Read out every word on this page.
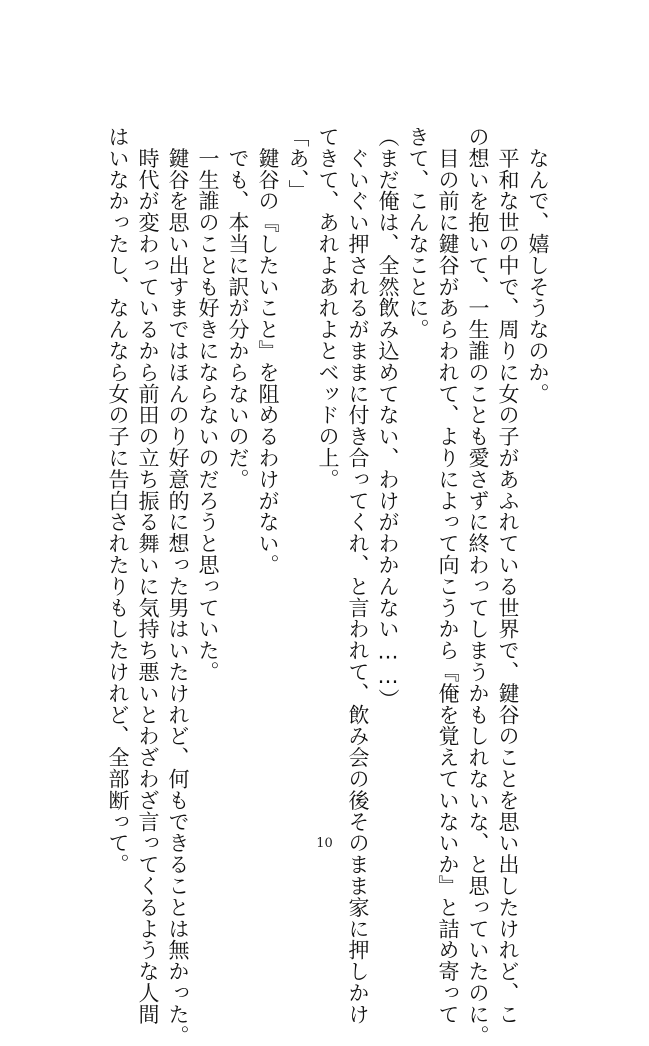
　なんで、嬉しそうなのか。
　平和な世の中で、周りに女の子があふれている世界で、鍵谷のことを思い出したけれど、こ
の想いを抱いて、一生誰のことも愛さずに終わってしまうかもしれないな、と思っていたのに。
　目の前に鍵谷があらわれて、よりによって向こうから『俺を覚えていないか』と詰め寄って
きて、こんなことに。
（まだ俺は、全然飲み込めてない、わけがわかんない……）
　ぐいぐい押されるがままに付き合ってくれ、と言われて、飲み会の後そのまま家に押しかけ
てきて、あれよあれよとベッドの上。
「あ、」
　鍵谷の『したいこと』を阻めるわけがない。
　でも、本当に訳が分からないのだ。
　一生誰のことも好きにならないのだろうと思っていた。
　鍵谷を思い出すまではほんのり好意的に想った男はいたけれど、何もできることは無かった。
　時代が変わっているから前田の立ち振る舞いに気持ち悪いとわざわざ言ってくるような人間
はいなかったし、なんなら女の子に告白されたりもしたけれど、全部断って。	10
